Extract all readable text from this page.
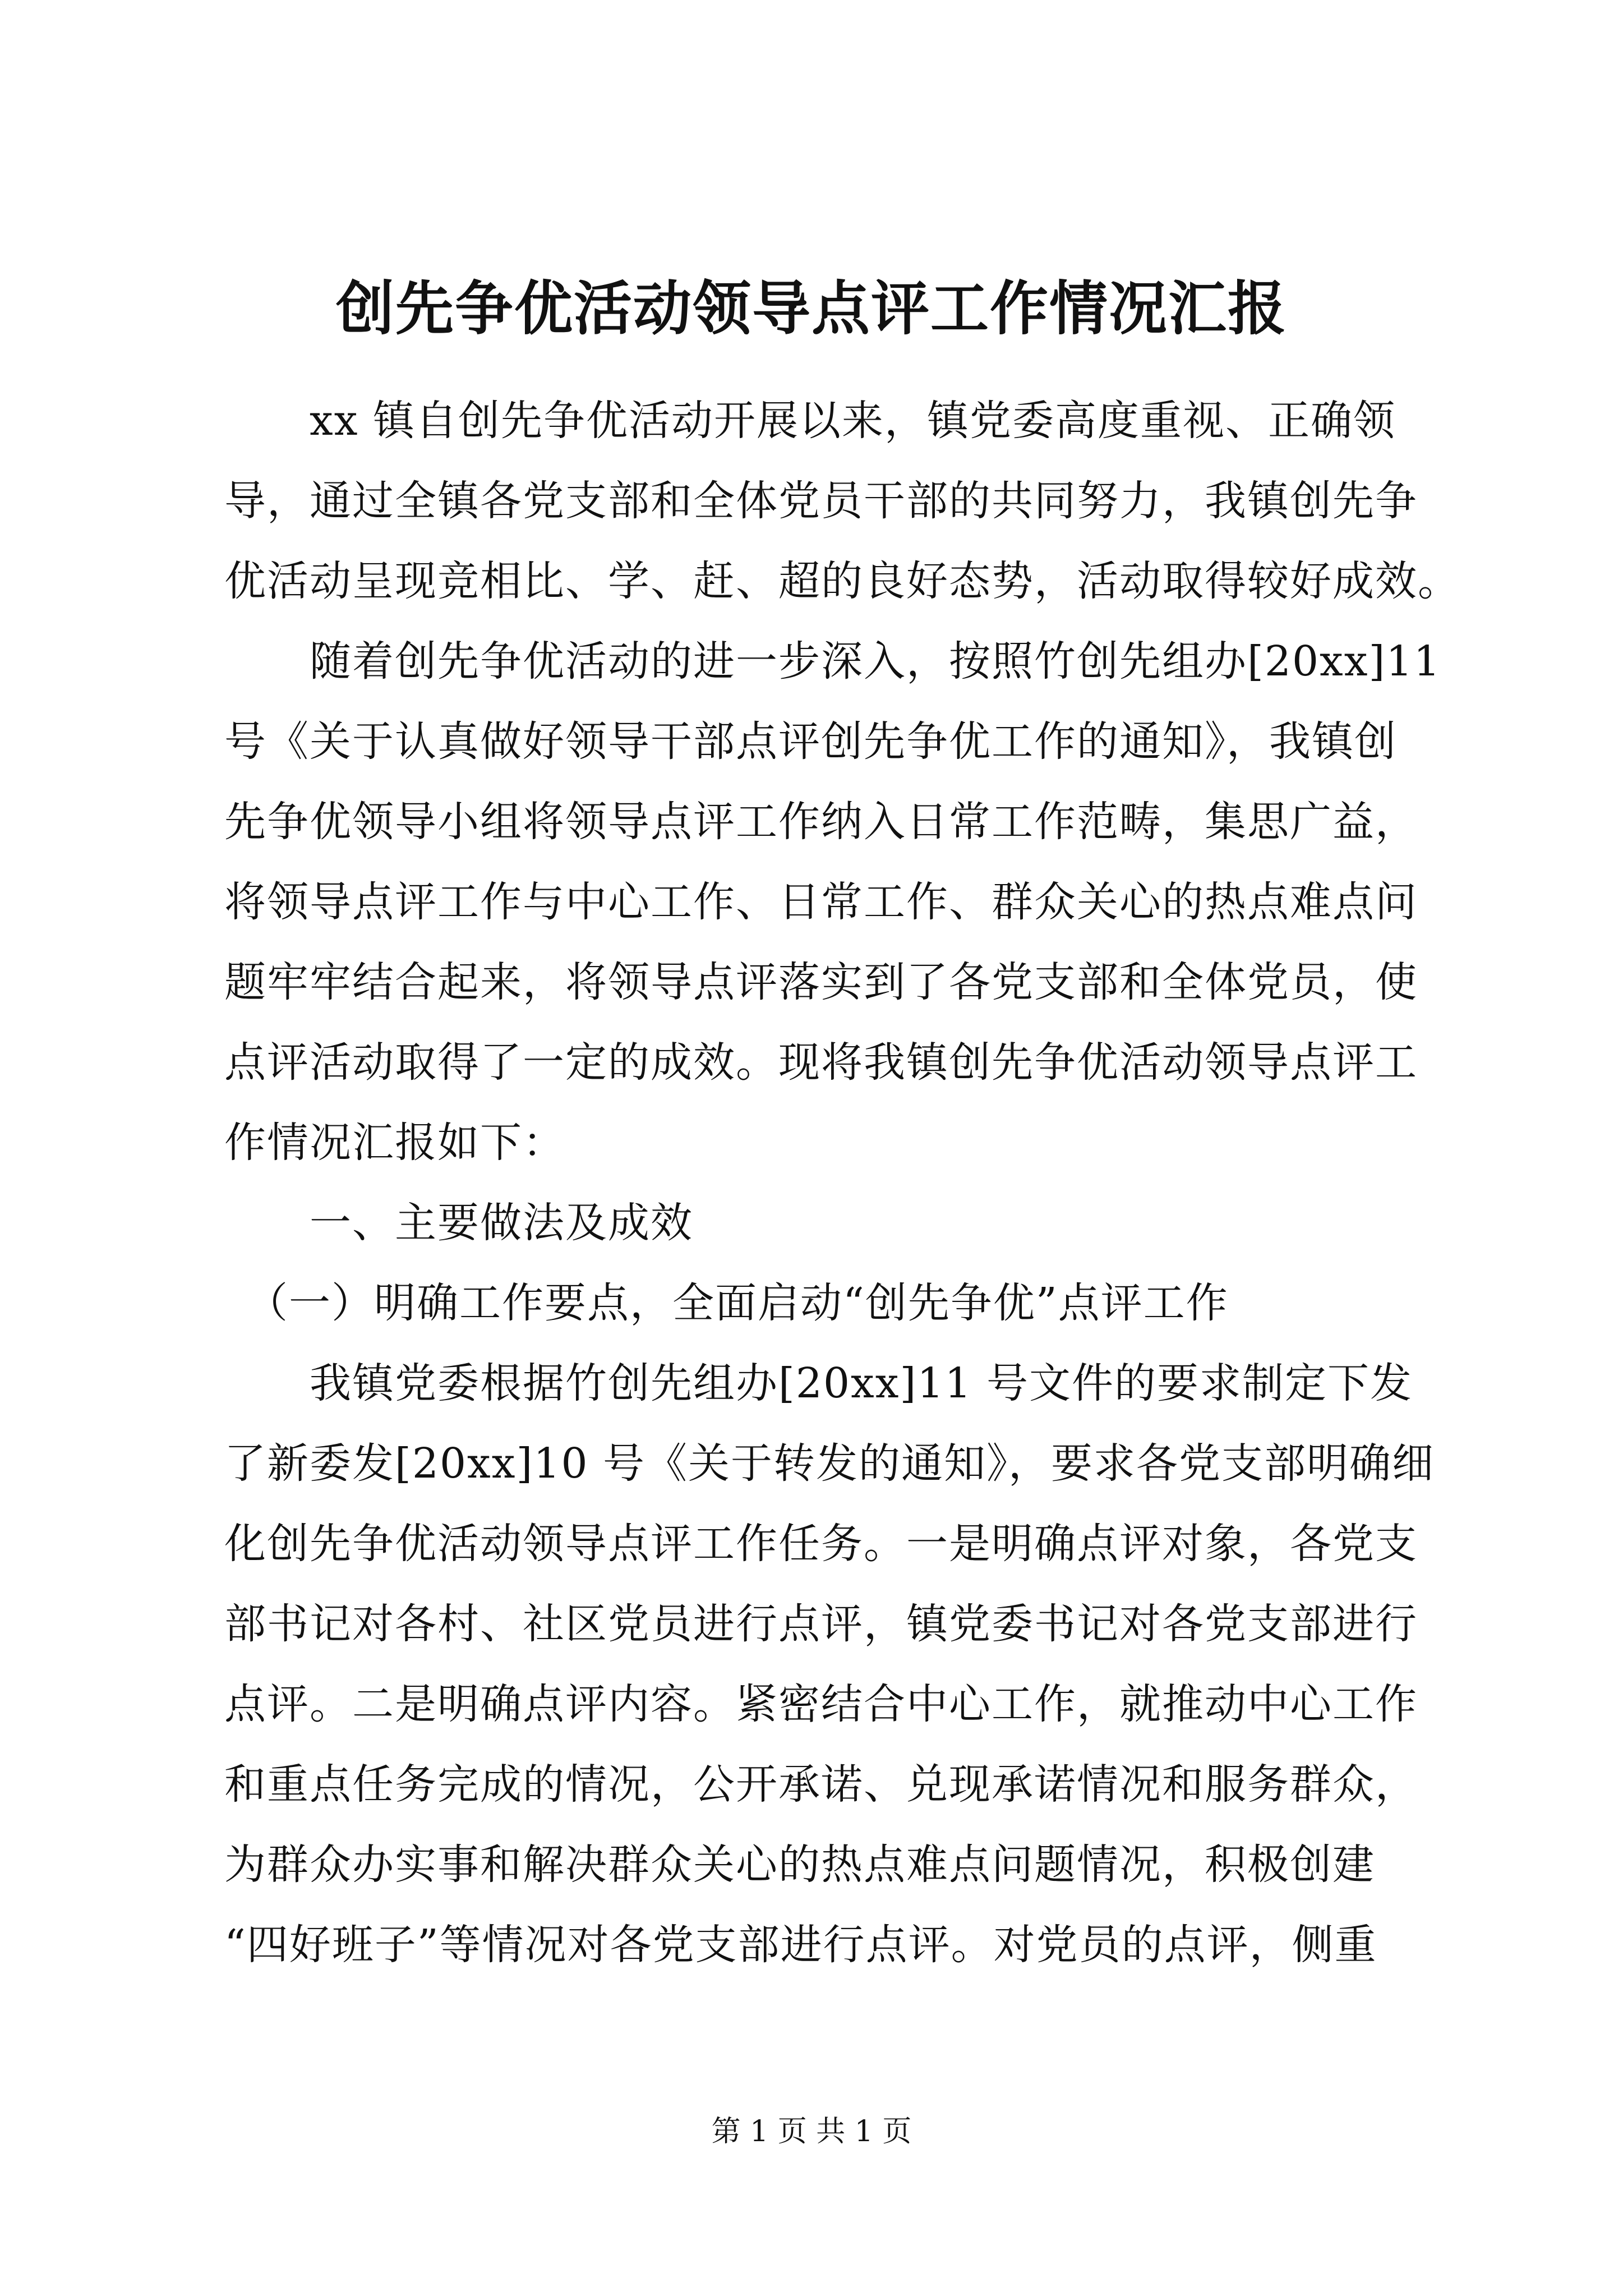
创先争优活动领导点评工作情况汇报
　　xx 镇自创先争优活动开展以来，镇党委高度重视、正确领
导，通过全镇各党支部和全体党员干部的共同努力，我镇创先争
优活动呈现竞相比、学、赶、超的良好态势，活动取得较好成效。
　　随着创先争优活动的进一步深入，按照竹创先组办[20xx]11
号《关于认真做好领导干部点评创先争优工作的通知》，我镇创
先争优领导小组将领导点评工作纳入日常工作范畴，集思广益，
将领导点评工作与中心工作、日常工作、群众关心的热点难点问
题牢牢结合起来，将领导点评落实到了各党支部和全体党员，使
点评活动取得了一定的成效。现将我镇创先争优活动领导点评工
作情况汇报如下：
　　一、主要做法及成效
　（一）明确工作要点，全面启动“创先争优”点评工作
　　我镇党委根据竹创先组办[20xx]11 号文件的要求制定下发
了新委发[20xx]10 号《关于转发的通知》，要求各党支部明确细
化创先争优活动领导点评工作任务。一是明确点评对象，各党支
部书记对各村、社区党员进行点评，镇党委书记对各党支部进行
点评。二是明确点评内容。紧密结合中心工作，就推动中心工作
和重点任务完成的情况，公开承诺、兑现承诺情况和服务群众，
为群众办实事和解决群众关心的热点难点问题情况，积极创建
“四好班子”等情况对各党支部进行点评。对党员的点评，侧重
第 1 页 共 1 页
